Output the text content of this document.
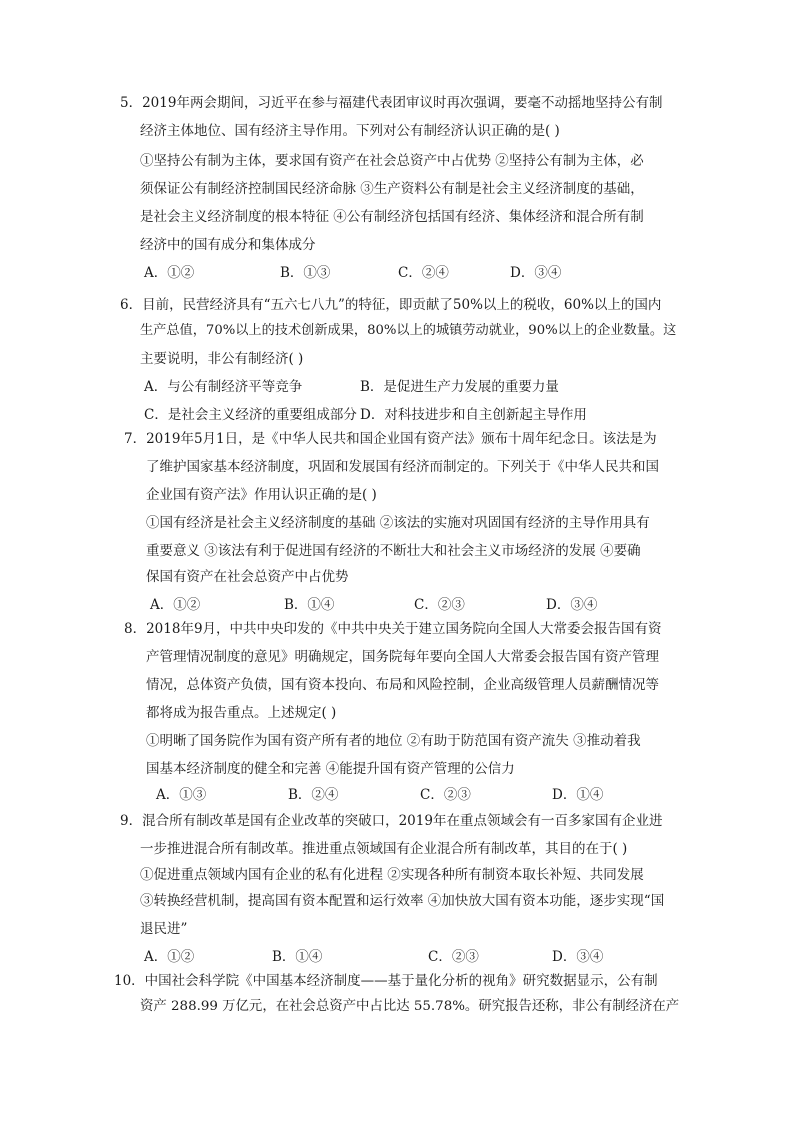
5．2019年两会期间，习近平在参与福建代表团审议时再次强调，要毫不动摇地坚持公有制
经济主体地位、国有经济主导作用。下列对公有制经济认识正确的是( )
①坚持公有制为主体，要求国有资产在社会总资产中占优势 ②坚持公有制为主体，必
须保证公有制经济控制国民经济命脉 ③生产资料公有制是社会主义经济制度的基础，
是社会主义经济制度的根本特征 ④公有制经济包括国有经济、集体经济和混合所有制
经济中的国有成分和集体成分
A．①②	B．①③	C．②④	D．③④
6．目前，民营经济具有“五六七八九”的特征，即贡献了50%以上的税收，60%以上的国内
生产总值，70%以上的技术创新成果，80%以上的城镇劳动就业，90%以上的企业数量。这
主要说明，非公有制经济( )
A．与公有制经济平等竞争	B．是促进生产力发展的重要力量
C．是社会主义经济的重要组成部分 D．对科技进步和自主创新起主导作用
7．2019年5月1日，是《中华人民共和国企业国有资产法》颁布十周年纪念日。该法是为
了维护国家基本经济制度，巩固和发展国有经济而制定的。下列关于《中华人民共和国
企业国有资产法》作用认识正确的是( )
①国有经济是社会主义经济制度的基础 ②该法的实施对巩固国有经济的主导作用具有
重要意义 ③该法有利于促进国有经济的不断壮大和社会主义市场经济的发展 ④要确
保国有资产在社会总资产中占优势
A．①②	B．①④	C．②③	D．③④
8．2018年9月，中共中央印发的《中共中央关于建立国务院向全国人大常委会报告国有资
产管理情况制度的意见》明确规定，国务院每年要向全国人大常委会报告国有资产管理
情况，总体资产负债，国有资本投向、布局和风险控制，企业高级管理人员薪酬情况等
都将成为报告重点。上述规定( )
①明晰了国务院作为国有资产所有者的地位 ②有助于防范国有资产流失 ③推动着我
国基本经济制度的健全和完善 ④能提升国有资产管理的公信力
A．①③	B．②④	C．②③	D．①④
9．混合所有制改革是国有企业改革的突破口，2019年在重点领域会有一百多家国有企业进
一步推进混合所有制改革。推进重点领域国有企业混合所有制改革，其目的在于( )
①促进重点领域内国有企业的私有化进程 ②实现各种所有制资本取长补短、共同发展
③转换经营机制，提高国有资本配置和运行效率 ④加快放大国有资本功能，逐步实现“国
退民进”
A．①②	B．①④	C．②③	D．③④
10．中国社会科学院《中国基本经济制度——基于量化分析的视角》研究数据显示，公有制
资产 288.99 万亿元，在社会总资产中占比达 55.78%。研究报告还称，非公有制经济在产
